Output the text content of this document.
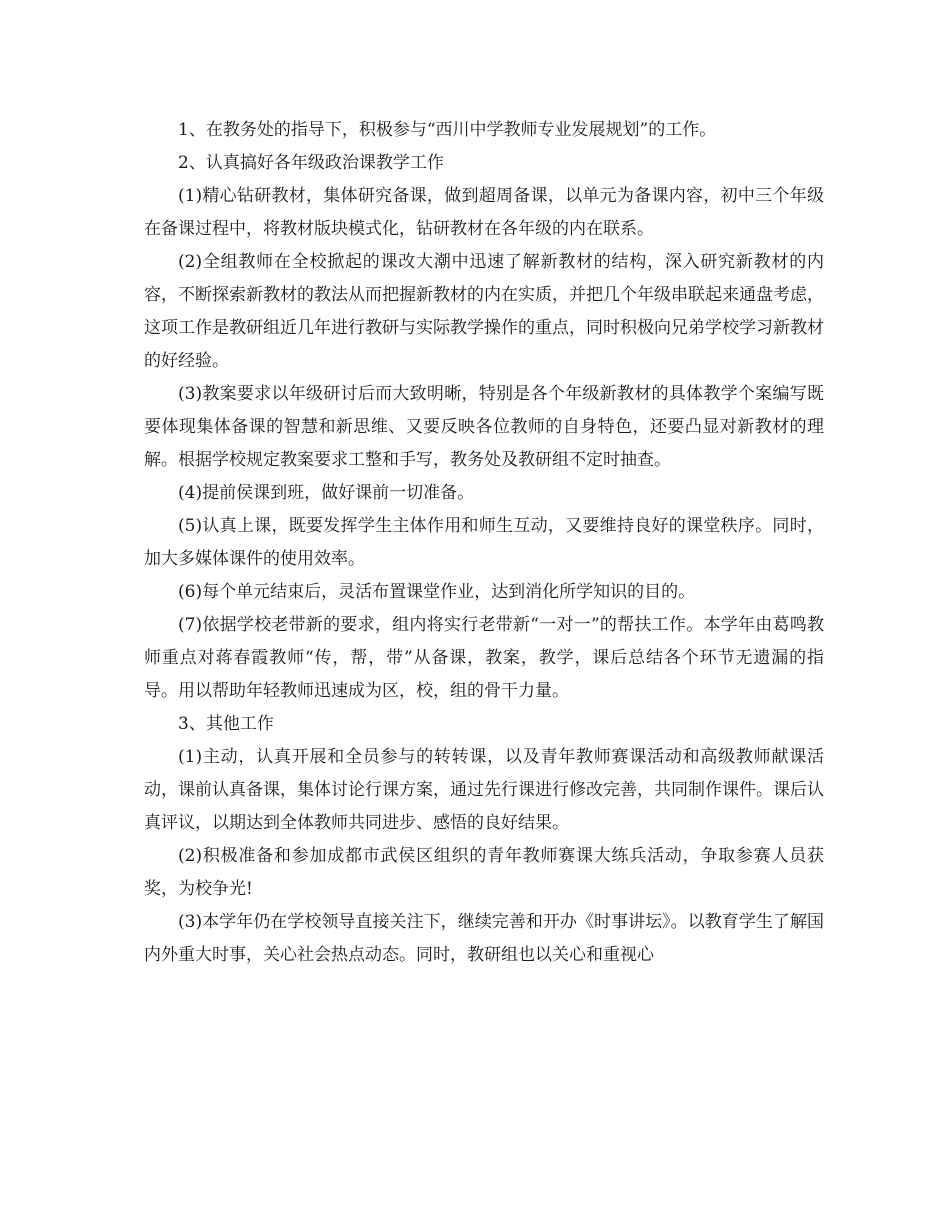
1、在教务处的指导下，积极参与“西川中学教师专业发展规划”的工作。

2、认真搞好各年级政治课教学工作

(1)精心钻研教材，集体研究备课，做到超周备课，以单元为备课内容，初中三个年级在备课过程中，将教材版块模式化，钻研教材在各年级的内在联系。

(2)全组教师在全校掀起的课改大潮中迅速了解新教材的结构，深入研究新教材的内容，不断探索新教材的教法从而把握新教材的内在实质，并把几个年级串联起来通盘考虑，这项工作是教研组近几年进行教研与实际教学操作的重点，同时积极向兄弟学校学习新教材的好经验。

(3)教案要求以年级研讨后而大致明晰，特别是各个年级新教材的具体教学个案编写既要体现集体备课的智慧和新思维、又要反映各位教师的自身特色，还要凸显对新教材的理解。根据学校规定教案要求工整和手写，教务处及教研组不定时抽查。

(4)提前侯课到班，做好课前一切准备。

(5)认真上课，既要发挥学生主体作用和师生互动，又要维持良好的课堂秩序。同时，加大多媒体课件的使用效率。

(6)每个单元结束后，灵活布置课堂作业，达到消化所学知识的目的。

(7)依据学校老带新的要求，组内将实行老带新“一对一”的帮扶工作。本学年由葛鸣教师重点对蒋春霞教师“传，帮，带”从备课，教案，教学，课后总结各个环节无遗漏的指导。用以帮助年轻教师迅速成为区，校，组的骨干力量。

3、其他工作

(1)主动，认真开展和全员参与的转转课，以及青年教师赛课活动和高级教师献课活动，课前认真备课，集体讨论行课方案，通过先行课进行修改完善，共同制作课件。课后认真评议，以期达到全体教师共同进步、感悟的良好结果。

(2)积极准备和参加成都市武侯区组织的青年教师赛课大练兵活动，争取参赛人员获奖，为校争光!

(3)本学年仍在学校领导直接关注下，继续完善和开办《时事讲坛》。以教育学生了解国内外重大时事，关心社会热点动态。同时，教研组也以关心和重视心
